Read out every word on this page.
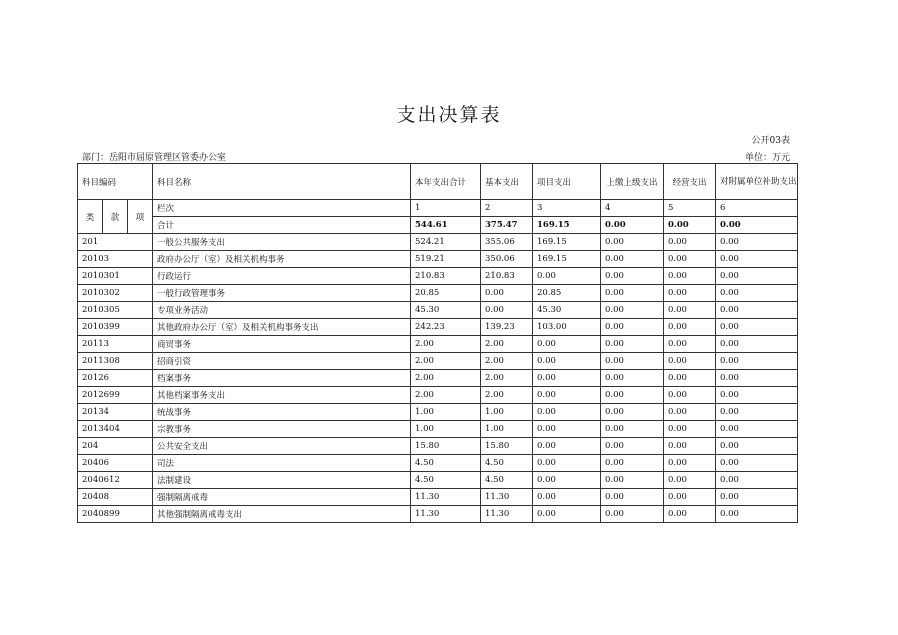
支出决算表
公开03表
部门：岳阳市屈原管理区管委办公室	单位：万元
科目编码			科目名称	本年支出合计	基本支出	项目支出	上缴上级支出	经营支出	对附属单位补助支出
类	款	项	栏次	1	2	3	4	5	6
			合计	544.61	375.47	169.15	0.00	0.00	0.00
201			一般公共服务支出	524.21	355.06	169.15	0.00	0.00	0.00
20103			政府办公厅（室）及相关机构事务	519.21	350.06	169.15	0.00	0.00	0.00
2010301			行政运行	210.83	210.83	0.00	0.00	0.00	0.00
2010302			一般行政管理事务	20.85	0.00	20.85	0.00	0.00	0.00
2010305			专项业务活动	45.30	0.00	45.30	0.00	0.00	0.00
2010399			其他政府办公厅（室）及相关机构事务支出	242.23	139.23	103.00	0.00	0.00	0.00
20113			商贸事务	2.00	2.00	0.00	0.00	0.00	0.00
2011308			招商引资	2.00	2.00	0.00	0.00	0.00	0.00
20126			档案事务	2.00	2.00	0.00	0.00	0.00	0.00
2012699			其他档案事务支出	2.00	2.00	0.00	0.00	0.00	0.00
20134			统战事务	1.00	1.00	0.00	0.00	0.00	0.00
2013404			宗教事务	1.00	1.00	0.00	0.00	0.00	0.00
204			公共安全支出	15.80	15.80	0.00	0.00	0.00	0.00
20406			司法	4.50	4.50	0.00	0.00	0.00	0.00
2040612			法制建设	4.50	4.50	0.00	0.00	0.00	0.00
20408			强制隔离戒毒	11.30	11.30	0.00	0.00	0.00	0.00
2040899			其他强制隔离戒毒支出	11.30	11.30	0.00	0.00	0.00	0.00
